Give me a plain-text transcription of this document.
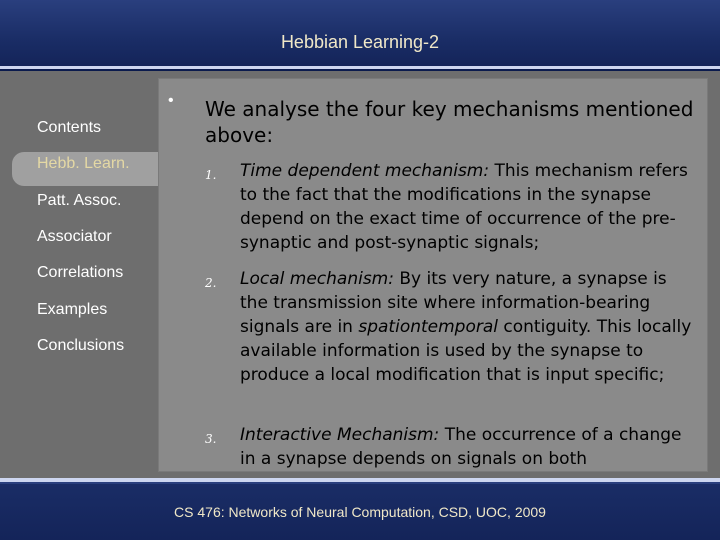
Hebbian Learning-2
Contents
Hebb. Learn.
Patt. Assoc.
Associator
Correlations
Examples
Conclusions
• We analyse the four key mechanisms mentioned above:
1. Time dependent mechanism: This mechanism refers to the fact that the modifications in the synapse depend on the exact time of occurrence of the pre-synaptic and post-synaptic signals;
2. Local mechanism: By its very nature, a synapse is the transmission site where information-bearing signals are in spationtemporal contiguity. This locally available information is used by the synapse to produce a local modification that is input specific;
3. Interactive Mechanism: The occurrence of a change in a synapse depends on signals on both
CS 476: Networks of Neural Computation, CSD, UOC, 2009
